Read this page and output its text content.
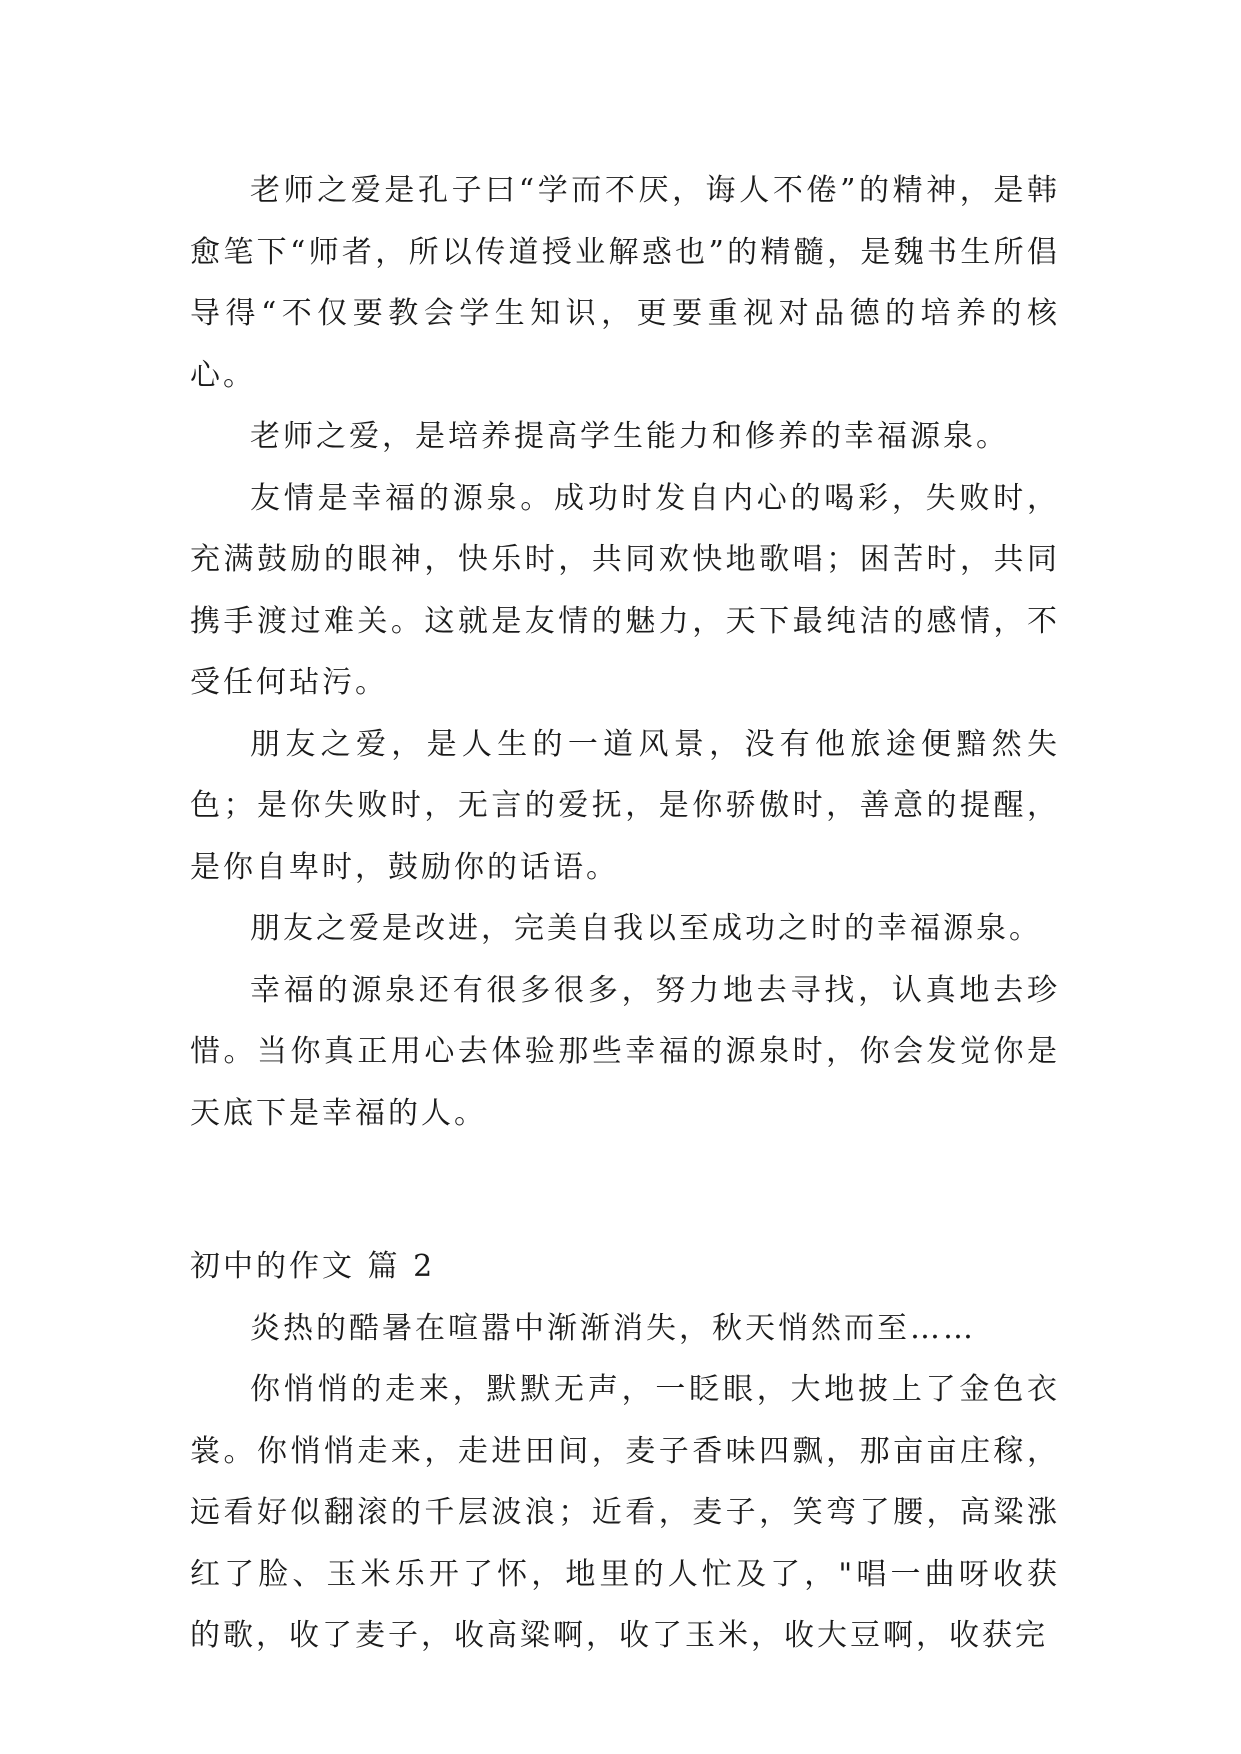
老师之爱是孔子曰“学而不厌，诲人不倦”的精神，是韩愈笔下“师者，所以传道授业解惑也”的精髓，是魏书生所倡导得“不仅要教会学生知识，更要重视对品德的培养的核心。

老师之爱，是培养提高学生能力和修养的幸福源泉。

友情是幸福的源泉。成功时发自内心的喝彩，失败时，充满鼓励的眼神，快乐时，共同欢快地歌唱；困苦时，共同携手渡过难关。这就是友情的魅力，天下最纯洁的感情，不受任何玷污。

朋友之爱，是人生的一道风景，没有他旅途便黯然失色；是你失败时，无言的爱抚，是你骄傲时，善意的提醒，是你自卑时，鼓励你的话语。

朋友之爱是改进，完美自我以至成功之时的幸福源泉。

幸福的源泉还有很多很多，努力地去寻找，认真地去珍惜。当你真正用心去体验那些幸福的源泉时，你会发觉你是天底下是幸福的人。

初中的作文 篇 2

炎热的酷暑在喧嚣中渐渐消失，秋天悄然而至……

你悄悄的走来，默默无声，一眨眼，大地披上了金色衣裳。你悄悄走来，走进田间，麦子香味四飘，那亩亩庄稼，远看好似翻滚的千层波浪；近看，麦子，笑弯了腰，高粱涨红了脸、玉米乐开了怀，地里的人忙及了，"唱一曲呀收获的歌，收了麦子，收高粱啊，收了玉米，收大豆啊，收获完
